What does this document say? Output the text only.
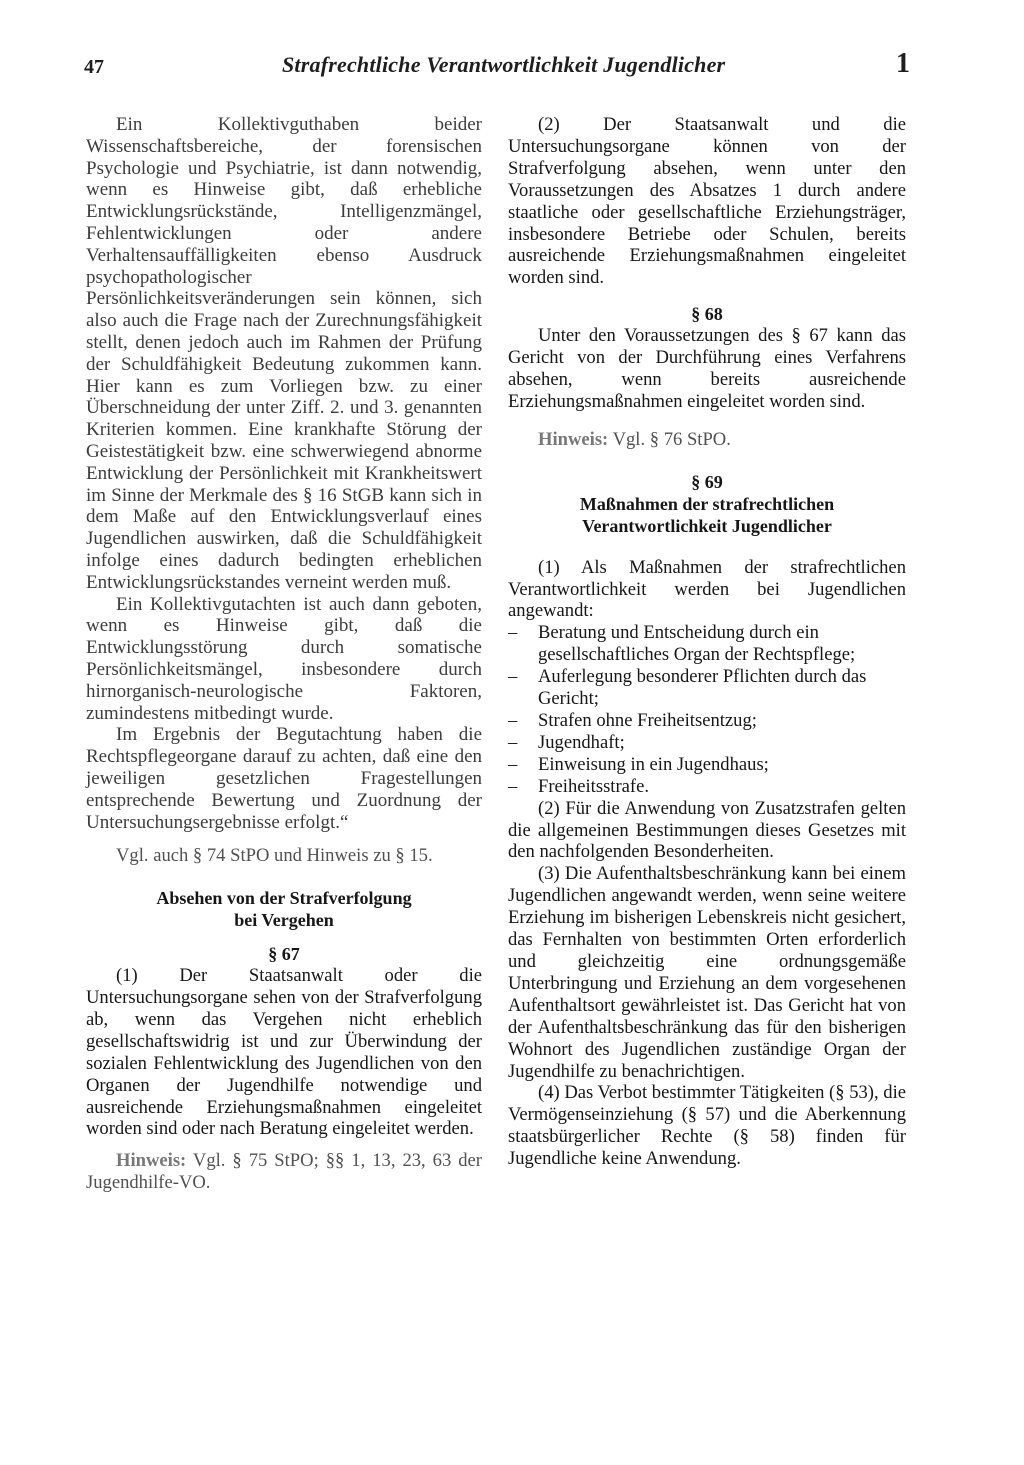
47	Strafrechtliche Verantwortlichkeit Jugendlicher	1

Ein Kollektivguthaben beider Wissenschaftsbereiche, der forensischen Psychologie und Psychiatrie, ist dann notwendig, wenn es Hinweise gibt, daß erhebliche Entwicklungsrückstände, Intelligenzmängel, Fehlentwicklungen oder andere Verhaltensauffälligkeiten ebenso Ausdruck psychopathologischer Persönlichkeitsveränderungen sein können, sich also auch die Frage nach der Zurechnungsfähigkeit stellt, denen jedoch auch im Rahmen der Prüfung der Schuldfähigkeit Bedeutung zukommen kann. Hier kann es zum Vorliegen bzw. zu einer Überschneidung der unter Ziff. 2. und 3. genannten Kriterien kommen. Eine krankhafte Störung der Geistestätigkeit bzw. eine schwerwiegend abnorme Entwicklung der Persönlichkeit mit Krankheitswert im Sinne der Merkmale des § 16 StGB kann sich in dem Maße auf den Entwicklungsverlauf eines Jugendlichen auswirken, daß die Schuldfähigkeit infolge eines dadurch bedingten erheblichen Entwicklungsrückstandes verneint werden muß.

Ein Kollektivgutachten ist auch dann geboten, wenn es Hinweise gibt, daß die Entwicklungsstörung durch somatische Persönlichkeitsmängel, insbesondere durch hirnorganisch-neurologische Faktoren, zumindestens mitbedingt wurde.

Im Ergebnis der Begutachtung haben die Rechtspflegeorgane darauf zu achten, daß eine den jeweiligen gesetzlichen Fragestellungen entsprechende Bewertung und Zuordnung der Untersuchungsergebnisse erfolgt.“

Vgl. auch § 74 StPO und Hinweis zu § 15.

Absehen von der Strafverfolgung
bei Vergehen
§ 67

(1) Der Staatsanwalt oder die Untersuchungsorgane sehen von der Strafverfolgung ab, wenn das Vergehen nicht erheblich gesellschaftswidrig ist und zur Überwindung der sozialen Fehlentwicklung des Jugendlichen von den Organen der Jugendhilfe notwendige und ausreichende Erziehungsmaßnahmen eingeleitet worden sind oder nach Beratung eingeleitet werden.

Hinweis: Vgl. § 75 StPO; §§ 1, 13, 23, 63 der Jugendhilfe-VO.

(2) Der Staatsanwalt und die Untersuchungsorgane können von der Strafverfolgung absehen, wenn unter den Voraussetzungen des Absatzes 1 durch andere staatliche oder gesellschaftliche Erziehungsträger, insbesondere Betriebe oder Schulen, bereits ausreichende Erziehungsmaßnahmen eingeleitet worden sind.

§ 68

Unter den Voraussetzungen des § 67 kann das Gericht von der Durchführung eines Verfahrens absehen, wenn bereits ausreichende Erziehungsmaßnahmen eingeleitet worden sind.

Hinweis: Vgl. § 76 StPO.

§ 69
Maßnahmen der strafrechtlichen
Verantwortlichkeit Jugendlicher

(1) Als Maßnahmen der strafrechtlichen Verantwortlichkeit werden bei Jugendlichen angewandt:

– Beratung und Entscheidung durch ein gesellschaftliches Organ der Rechtspflege;
– Auferlegung besonderer Pflichten durch das Gericht;
– Strafen ohne Freiheitsentzug;
– Jugendhaft;
– Einweisung in ein Jugendhaus;
– Freiheitsstrafe.

(2) Für die Anwendung von Zusatzstrafen gelten die allgemeinen Bestimmungen dieses Gesetzes mit den nachfolgenden Besonderheiten.

(3) Die Aufenthaltsbeschränkung kann bei einem Jugendlichen angewandt werden, wenn seine weitere Erziehung im bisherigen Lebenskreis nicht gesichert, das Fernhalten von bestimmten Orten erforderlich und gleichzeitig eine ordnungsgemäße Unterbringung und Erziehung an dem vorgesehenen Aufenthaltsort gewährleistet ist. Das Gericht hat von der Aufenthaltsbeschränkung das für den bisherigen Wohnort des Jugendlichen zuständige Organ der Jugendhilfe zu benachrichtigen.

(4) Das Verbot bestimmter Tätigkeiten (§ 53), die Vermögenseinziehung (§ 57) und die Aberkennung staatsbürgerlicher Rechte (§ 58) finden für Jugendliche keine Anwendung.
